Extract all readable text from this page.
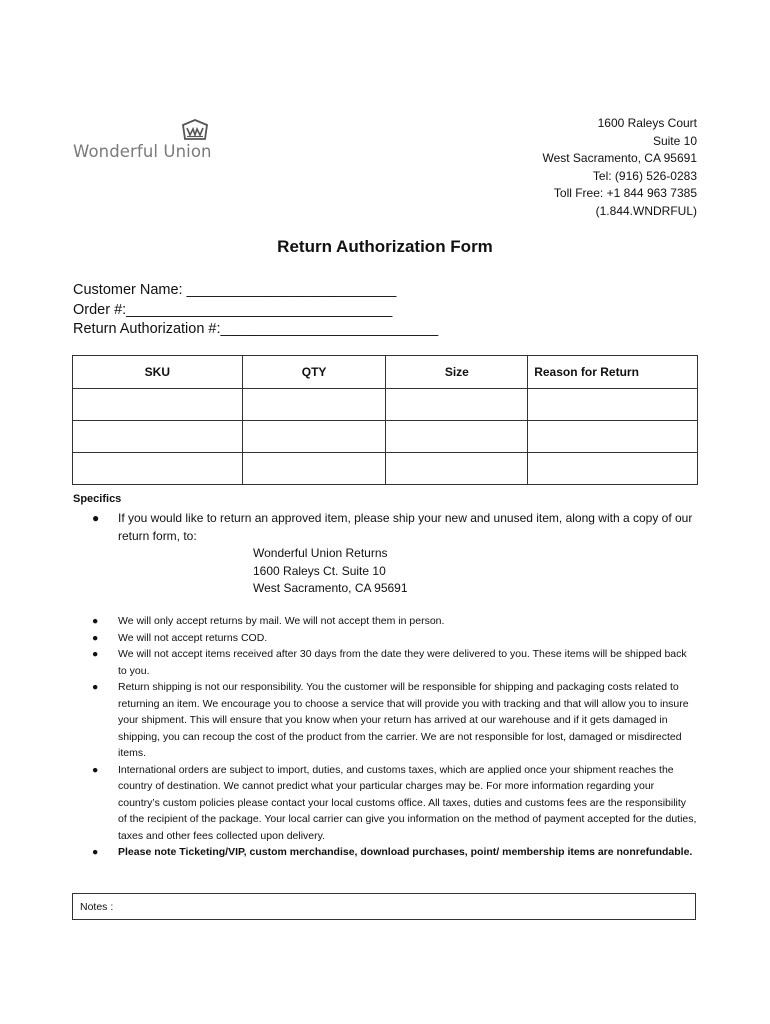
Wonderful Union
1600 Raleys Court
Suite 10
West Sacramento, CA 95691
Tel: (916) 526-0283
Toll Free: +1 844 963 7385
(1.844.WNDRFUL)
Return Authorization Form
Customer Name: __________________________
Order #:_________________________________
Return Authorization #:___________________________
SKU	QTY	Size	Reason for Return

Specifics
●	If you would like to return an approved item, please ship your new and unused item, along with a copy of our return form, to:
Wonderful Union Returns
1600 Raleys Ct. Suite 10
West Sacramento, CA 95691
●	We will only accept returns by mail. We will not accept them in person.
●	We will not accept returns COD.
●	We will not accept items received after 30 days from the date they were delivered to you. These items will be shipped back to you.
●	Return shipping is not our responsibility. You the customer will be responsible for shipping and packaging costs related to returning an item. We encourage you to choose a service that will provide you with tracking and that will allow you to insure your shipment. This will ensure that you know when your return has arrived at our warehouse and if it gets damaged in shipping, you can recoup the cost of the product from the carrier. We are not responsible for lost, damaged or misdirected items.
●	International orders are subject to import, duties, and customs taxes, which are applied once your shipment reaches the country of destination. We cannot predict what your particular charges may be. For more information regarding your country’s custom policies please contact your local customs office. All taxes, duties and customs fees are the responsibility of the recipient of the package. Your local carrier can give you information on the method of payment accepted for the duties, taxes and other fees collected upon delivery.
●	Please note Ticketing/VIP, custom merchandise, download purchases, point/ membership items are nonrefundable.
Notes :
